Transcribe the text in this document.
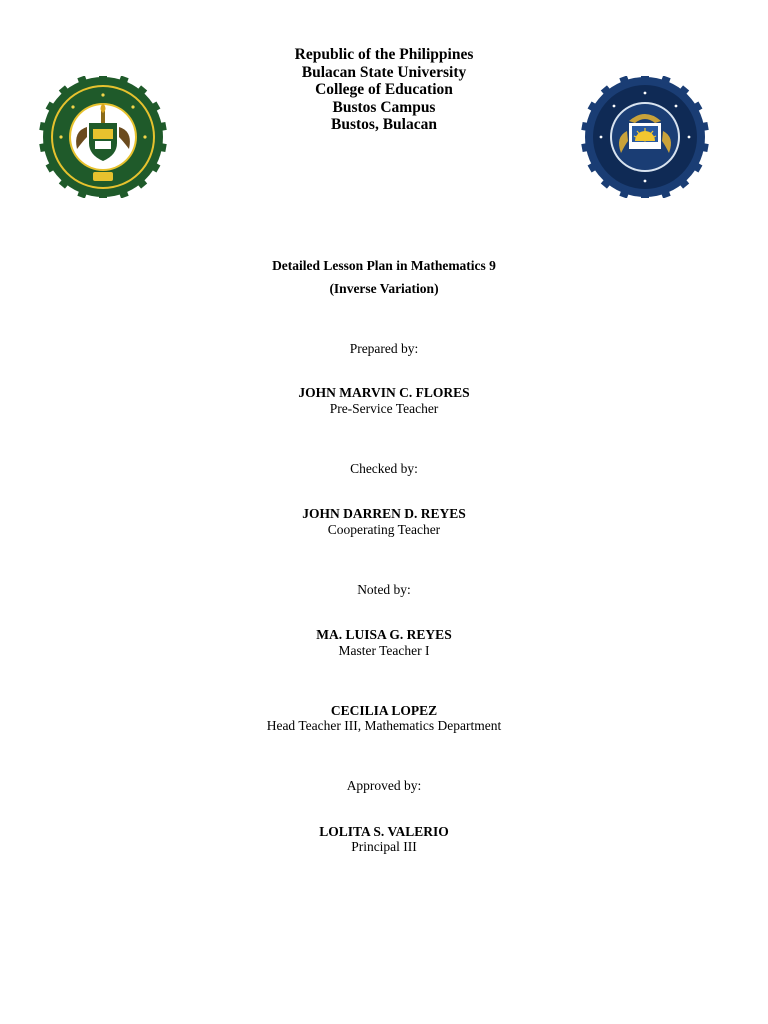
Republic of the Philippines
Bulacan State University
College of Education
Bustos Campus
Bustos, Bulacan
Detailed Lesson Plan in Mathematics 9
(Inverse Variation)
Prepared by:
JOHN MARVIN C. FLORES
Pre-Service Teacher
Checked by:
JOHN DARREN D. REYES
Cooperating Teacher
Noted by:
MA. LUISA G. REYES
Master Teacher I
CECILIA LOPEZ
Head Teacher III, Mathematics Department
Approved by:
LOLITA S. VALERIO
Principal III
